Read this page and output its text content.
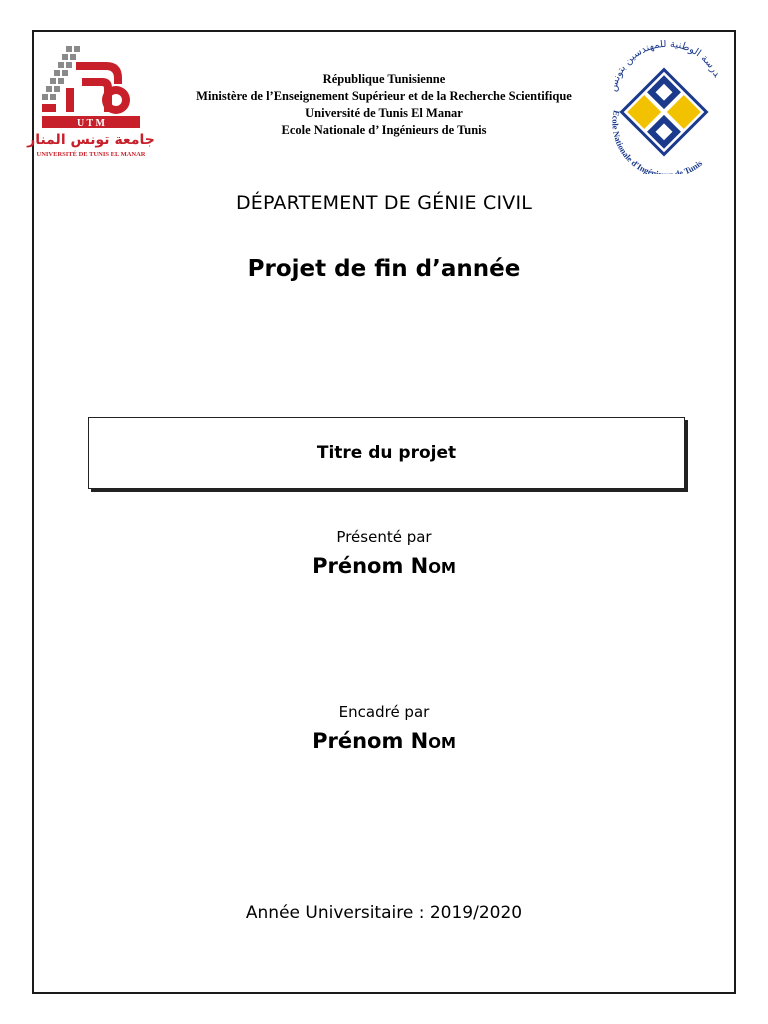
U T M
جامعة تونس المنار
UNIVERSITÉ DE TUNIS EL MANAR
République Tunisienne
Ministère de l’Enseignement Supérieur et de la Recherche Scientifique
Université de Tunis El Manar
Ecole Nationale d’ Ingénieurs de Tunis
درسة الوطنية للمهندسين بتونس
Ecole Nationale d'Ingéni de Tunis
DÉPARTEMENT DE GÉNIE CIVIL
Projet de fin d’année
Titre du projet
Présenté par
Prénom Nom
Encadré par
Prénom Nom
Année Universitaire : 2019/2020
